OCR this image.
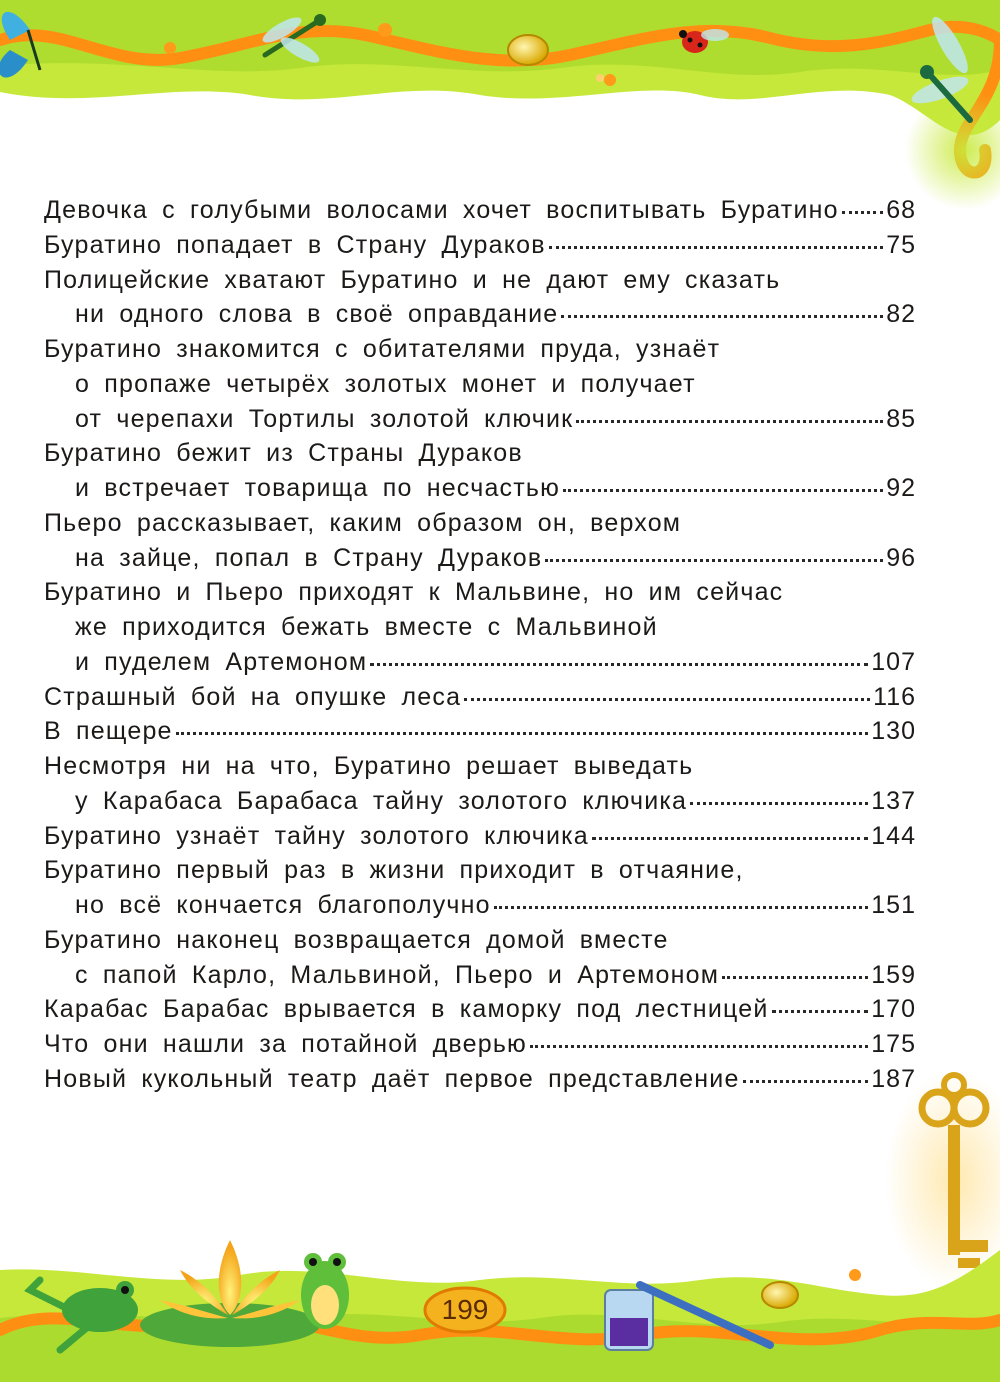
Девочка с голубыми волосами хочет воспитывать Буратино 68
Буратино попадает в Страну Дураков	75
Полицейские хватают Буратино и не дают ему сказать
ни одного слова в своё оправдание	82
Буратино знакомится с обитателями пруда, узнаёт
о пропаже четырёх золотых монет и получает
от черепахи Тортилы золотой ключик	85
Буратино бежит из Страны Дураков
и встречает товарища по несчастью	92
Пьеро рассказывает, каким образом он, верхом
на зайце, попал в Страну Дураков	96
Буратино и Пьеро приходят к Мальвине, но им сейчас
же приходится бежать вместе с Мальвиной
и пуделем Артемоном	107
Страшный бой на опушке леса	116
В пещере	130
Несмотря ни на что, Буратино решает выведать
у Карабаса Барабаса тайну золотого ключика	137
Буратино узнаёт тайну золотого ключика	144
Буратино первый раз в жизни приходит в отчаяние,
но всё кончается благополучно	151
Буратино наконец возвращается домой вместе
с папой Карло, Мальвиной, Пьеро и Артемоном	159
Карабас Барабас врывается в каморку под лестницей	170
Что они нашли за потайной дверью	175
Новый кукольный театр даёт первое представление	187
199
